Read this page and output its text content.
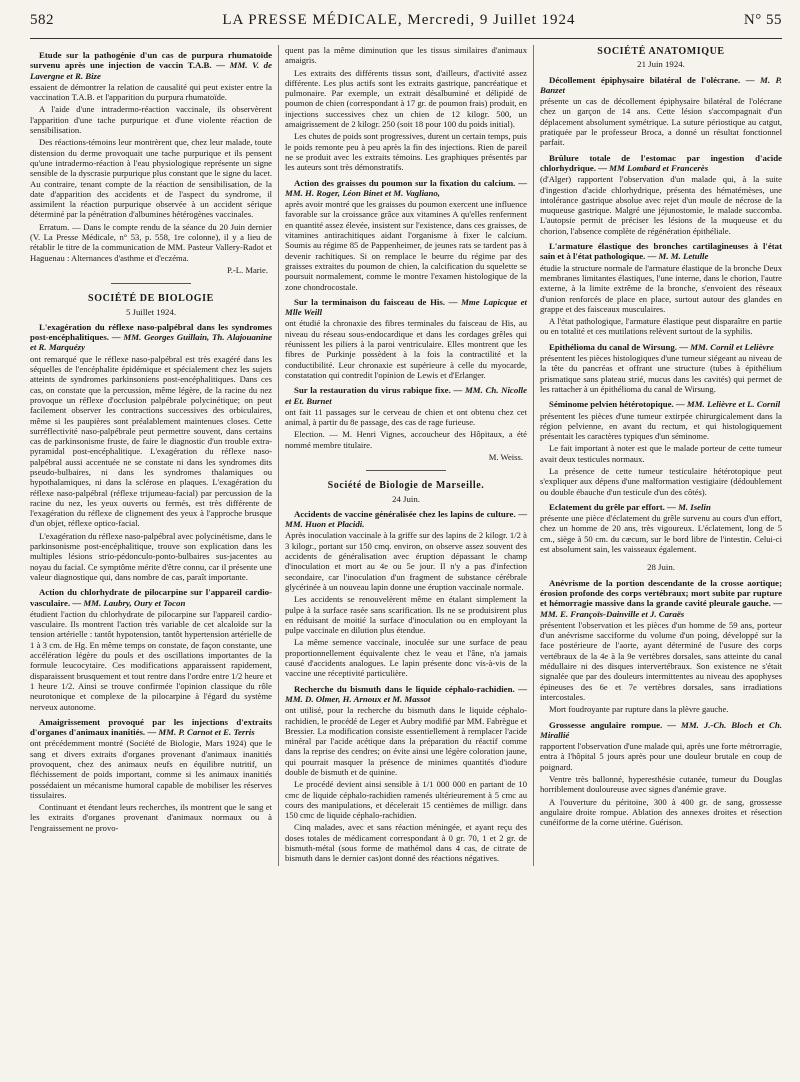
582	LA PRESSE MÉDICALE, Mercredi, 9 Juillet 1924	N° 55
Etude sur la pathogénie d'un cas de purpura rhumatoïde survenu après une injection de vaccin T.A.B. — MM. V. de Lavergne et R. Bize

essaient de démontrer la relation de causalité qui peut exister entre la vaccination T.A.B. et l'apparition du purpura rhumatoïde.

A l'aide d'une intradermo-réaction vaccinale, ils observèrent l'apparition d'une tache purpurique et d'une violente réaction de sensibilisation.

Des réactions-témoins leur montrèrent que, chez leur malade, toute distension du derme provoquait une tache purpurique et ils pensent qu'une intradermo-réaction à l'eau physiologique représente un signe sensible de la dyscrasie purpurique plus constant que le signe du lacet. Au contraire, tenant compte de la réaction de sensibilisation, de la date d'apparition des accidents et de l'aspect du syndrome, il assimilent la réaction purpurique observée à un accident sérique déterminé par la pénétration d'albumines hétérogènes vaccinales.

Erratum. — Dans le compte rendu de la séance du 20 Juin dernier (V. La Presse Médicale, n° 53, p. 558, 1re colonne), il y a lieu de rétablir le titre de la communication de MM. Pasteur Vallery-Radot et Haguenau : Alternances d'asthme et d'eczéma.

P.-L. Marie.
SOCIÉTÉ DE BIOLOGIE
5 Juillet 1924.
L'exagération du réflexe naso-palpébral dans les syndromes post-encéphalitiques. — MM. Georges Guillain, Th. Alajouanine et R. Marquézy

ont remarqué que le réflexe naso-palpébral est très exagéré dans les séquelles de l'encéphalite épidémique et spécialement chez les sujets atteints de syndromes parkinsoniens post-encéphalitiques. Dans ces cas, on constate que la percussion, même légère, de la racine du nez provoque un réflexe d'occlusion palpébrale polycinétique; on peut facilement observer les contractions successives des orbiculaires, même si les paupières sont préalablement maintenues closes. Cette surréflectivité naso-palpébrale peut permettre souvent, dans certains cas de parkinsonisme fruste, de faire le diagnostic d'un trouble extra-pyramidal post-encéphalitique. L'exagération du réflexe naso-palpébral aussi accentuée ne se constate ni dans les syndromes dits pseudo-bulbaires, ni dans les syndromes thalamiques ou hypothalamiques, ni dans la sclérose en plaques. L'exagération du réflexe naso-palpébral (réflexe trijumeau-facial) par percussion de la racine du nez, les yeux ouverts ou fermés, est très différente de l'exagération du réflexe de clignement des yeux à l'approche brusque d'un objet, réflexe optico-facial.

L'exagération du réflexe naso-palpébral avec polycinétisme, dans le parkinsonisme post-encéphalitique, trouve son explication dans les multiples lésions strio-pédonculo-ponto-bulbaires sus-jacentes au noyau du facial. Ce symptôme mérite d'être connu, car il présente une valeur diagnostique qui, dans nombre de cas, paraît importante.

Action du chlorhydrate de pilocarpine sur l'appareil cardio-vasculaire. — MM. Laubry, Oury et Tocon

étudient l'action du chlorhydrate de pilocarpine sur l'appareil cardio-vasculaire. Ils montrent l'action très variable de cet alcaloïde sur la tension artérielle : tantôt hypotension, tantôt hypertension artérielle de 1 à 3 cm. de Hg. En même temps on constate, de façon constante, une accélération légère du pouls et des oscillations importantes de la formule leucocytaire. Ces modifications apparaissent rapidement, disparaissent brusquement et tout rentre dans l'ordre entre 1/2 heure et 1 heure 1/2. Ainsi se trouve confirmée l'opinion classique du rôle neurotonique et complexe de la pilocarpine à l'égard du système nerveux autonome.

Amaigrissement provoqué par les injections d'extraits d'organes d'animaux inanitiés. — MM. P. Carnot et E. Terris

ont précédemment montré (Société de Biologie, Mars 1924) que le sang et divers extraits d'organes provenant d'animaux inanitiés provoquent, chez des animaux neufs en équilibre nutritif, un fléchissement de poids important, comme si les animaux inanitiés possédaient un mécanisme humoral capable de mobiliser les réserves tissulaires.

Continuant et étendant leurs recherches, ils montrent que le sang et les extraits d'organes provenant d'animaux normaux ou à l'engraissement ne provo-

quent pas la même diminution que les tissus similaires d'animaux amaigris.

Les extraits des différents tissus sont, d'ailleurs, d'activité assez différente. Les plus actifs sont les extraits gastrique, pancréatique et pulmonaire. Par exemple, un extrait désalbuminé et délipidé de poumon de chien (correspondant à 17 gr. de poumon frais) produit, en injections successives chez un chien de 12 kilogr. 500, un amaigrissement de 2 kilogr. 250 (soit 18 pour 100 du poids initial).

Les chutes de poids sont progressives, durent un certain temps, puis le poids remonte peu à peu après la fin des injections. Rien de pareil ne se produit avec les extraits témoins. Les graphiques présentés par les auteurs sont très démonstratifs.

Action des graisses du poumon sur la fixation du calcium. — MM. H. Roger, Léon Binet et M. Vagliano,

après avoir montré que les graisses du poumon exercent une influence favorable sur la croissance grâce aux vitamines A qu'elles renferment en quantité assez élevée, insistent sur l'existence, dans ces graisses, de vitamines antirachitiques aidant l'organisme à fixer le calcium. Soumis au régime 85 de Pappenheimer, de jeunes rats se tardent pas à devenir rachitiques. Si on remplace le beurre du régime par des graisses extraites du poumon de chien, la calcification du squelette se poursuit normalement, comme le montre l'examen histologique de la zone chondrocostale.

Sur la terminaison du faisceau de His. — Mme Lapicque et Mlle Weill

ont étudié la chronaxie des fibres terminales du faisceau de His, au niveau du réseau sous-endocardique et dans les cordages grêles qui réunissent les piliers à la paroi ventriculaire. Elles montrent que les fibres de Purkinje possèdent à la fois la contractilité et la conductibilité. Leur chronaxie est supérieure à celle du myocarde, constatation qui contredit l'opinion de Lewis et d'Erlanger.

Sur la restauration du virus rabique fixe. — MM. Ch. Nicolle et Et. Burnet

ont fait 11 passages sur le cerveau de chien et ont obtenu chez cet animal, à partir du 8e passage, des cas de rage furieuse.

Election. — M. Henri Vignes, accoucheur des Hôpitaux, a été nommé membre titulaire.

M. Weiss.
Société de Biologie de Marseille.
24 Juin.
Accidents de vaccine généralisée chez les lapins de culture. — MM. Huon et Placidi.

Après inoculation vaccinale à la griffe sur des lapins de 2 kilogr. 1/2 à 3 kilogr., portant sur 150 cmq. environ, on observe assez souvent des accidents de généralisation avec éruption dépassant le champ d'inoculation et mort au 4e ou 5e jour. Il n'y a pas d'infection secondaire, car l'inoculation d'un fragment de substance cérébrale glycérinée à un nouveau lapin donne une éruption vaccinale normale.

Les accidents se renouvelèrent même en étalant simplement la pulpe à la surface rasée sans scarification. Ils ne se produisirent plus en réduisant de moitié la surface d'inoculation ou en employant la pulpe vaccinale en dilution plus étendue.

La même semence vaccinale, inoculée sur une surface de peau proportionnellement équivalente chez le veau et l'âne, n'a jamais causé d'accidents analogues. Le lapin présente donc vis-à-vis de la vaccine une réceptivité particulière.

Recherche du bismuth dans le liquide céphalo-rachidien. — MM. D. Olmer, H. Arnoux et M. Massot

ont utilisé, pour la recherche du bismuth dans le liquide céphalo-rachidien, le procédé de Leger et Aubry modifié par MM. Fabrègue et Bressier. La modification consiste essentiellement à remplacer l'acide minéral par l'acide acétique dans la préparation du réactif comme dans la reprise des cendres; on évite ainsi une légère coloration jaune, qui pourrait masquer la présence de minimes quantités d'iodure double de bismuth et de quinine.

Le procédé devient ainsi sensible à 1/1 000 000 en partant de 10 cmc de liquide céphalo-rachidien ramenés ultérieurement à 5 cmc au cours des manipulations, et décelerait 15 centièmes de milligr. dans 150 cmc de liquide céphalo-rachidien.

Cinq malades, avec et sans réaction méningée, et ayant reçu des doses totales de médicament correspondant à 0 gr. 70, 1 et 2 gr. de bismuth-métal (sous forme de mathémol dans 4 cas, de citrate de bismuth dans le dernier cas)ont donné des réactions négatives.

SOCIÉTÉ ANATOMIQUE
21 Juin 1924.
Décollement épiphysaire bilatéral de l'olécrane. — M. P. Banzet

présente un cas de décollement épiphysaire bilatéral de l'olécrane chez un garçon de 14 ans. Cette lésion s'accompagnait d'un déplacement absolument symétrique. La suture périostique au catgut, pratiquée par le professeur Broca, a donné un résultat fonctionnel parfait.

Brûlure totale de l'estomac par ingestion d'acide chlorhydrique. — MM Lombard et Francerès

(d'Alger) rapportent l'observation d'un malade qui, à la suite d'ingestion d'acide chlorhydrique, présenta des hématémèses, une intolérance gastrique absolue avec rejet d'un moule de nécrose de la muqueuse gastrique. Malgré une jéjunostomie, le malade succomba. L'autopsie permit de préciser les lésions de la muqueuse et du chorion, l'absence complète de régénération épithéliale.

L'armature élastique des bronches cartilagineuses à l'état sain et à l'état pathologique. — M. M. Letulle

étudie la structure normale de l'armature élastique de la bronche Deux membranes limitantes élastiques, l'une interne, dans le chorion, l'autre externe, à la limite extrême de la bronche, s'envoient des réseaux d'union renforcés de place en place, surtout autour des glandes en grappe et des faisceaux musculaires.

A l'état pathologique, l'armature élastique peut disparaître en partie ou en totalité et ces mutilations relèvent surtout de la syphilis.

Epithélioma du canal de Wirsung. — MM. Cornil et Lelièvre

présentent les pièces histologiques d'une tumeur siégeant au niveau de la tête du pancréas et offrant une structure (tubes à épithélium prismatique sans plateau strié, mucus dans les cavités) qui permet de les rattacher à un épithélioma du canal de Wirsung.

Séminome pelvien hétérotopique. — MM. Lelièvre et L. Cornil

présentent les pièces d'une tumeur extirpée chirurgicalement dans la région pelvienne, en avant du rectum, et qui histologiquement présentait les caractères typiques d'un séminome.

Le fait important à noter est que le malade porteur de cette tumeur avait deux testicules normaux.

La présence de cette tumeur testiculaire hétérotopique peut s'expliquer aux dépens d'une malformation vestigiaire (dédoublement ou double ébauche d'un testicule d'un des côtés).

Eclatement du grêle par effort. — M. Iselin

présente une pièce d'éclatement du grêle survenu au cours d'un effort, chez un homme de 20 ans, très vigoureux. L'éclatement, long de 5 cm., siège à 50 cm. du cæcum, sur le bord libre de l'intestin. Celui-ci est absolument sain, les vaisseaux également.

28 Juin.
Anévrisme de la portion descendante de la crosse aortique; érosion profonde des corps vertébraux; mort subite par rupture et hémorragie massive dans la grande cavité pleurale gauche. — MM. E. Françoïs-Dainville et J. Caraës

présentent l'observation et les pièces d'un homme de 59 ans, porteur d'un anévrisme sacciforme du volume d'un poing, développé sur la face postérieure de l'aorte, ayant déterminé de l'usure des corps vertébraux de la 4e à la 9e vertèbres dorsales, sans atteinte du canal médullaire ni des disques intervertébraux. Son existence ne s'était signalée que par des douleurs intermittentes au niveau des apophyses épineuses des 6e et 7e vertèbres dorsales, sans irradiations intercostales.

Mort foudroyante par rupture dans la plèvre gauche.

Grossesse angulaire rompue. — MM. J.-Ch. Bloch et Ch. Mirallié

rapportent l'observation d'une malade qui, après une forte métrorragie, entra à l'hôpital 5 jours après pour une douleur brutale en coup de poignard.

Ventre très ballonné, hyperesthésie cutanée, tumeur du Douglas horriblement douloureuse avec signes d'anémie grave.

A l'ouverture du péritoine, 300 à 400 gr. de sang, grossesse angulaire droite rompue. Ablation des annexes droites et résection cunéiforme de la corne utérine. Guérison.
